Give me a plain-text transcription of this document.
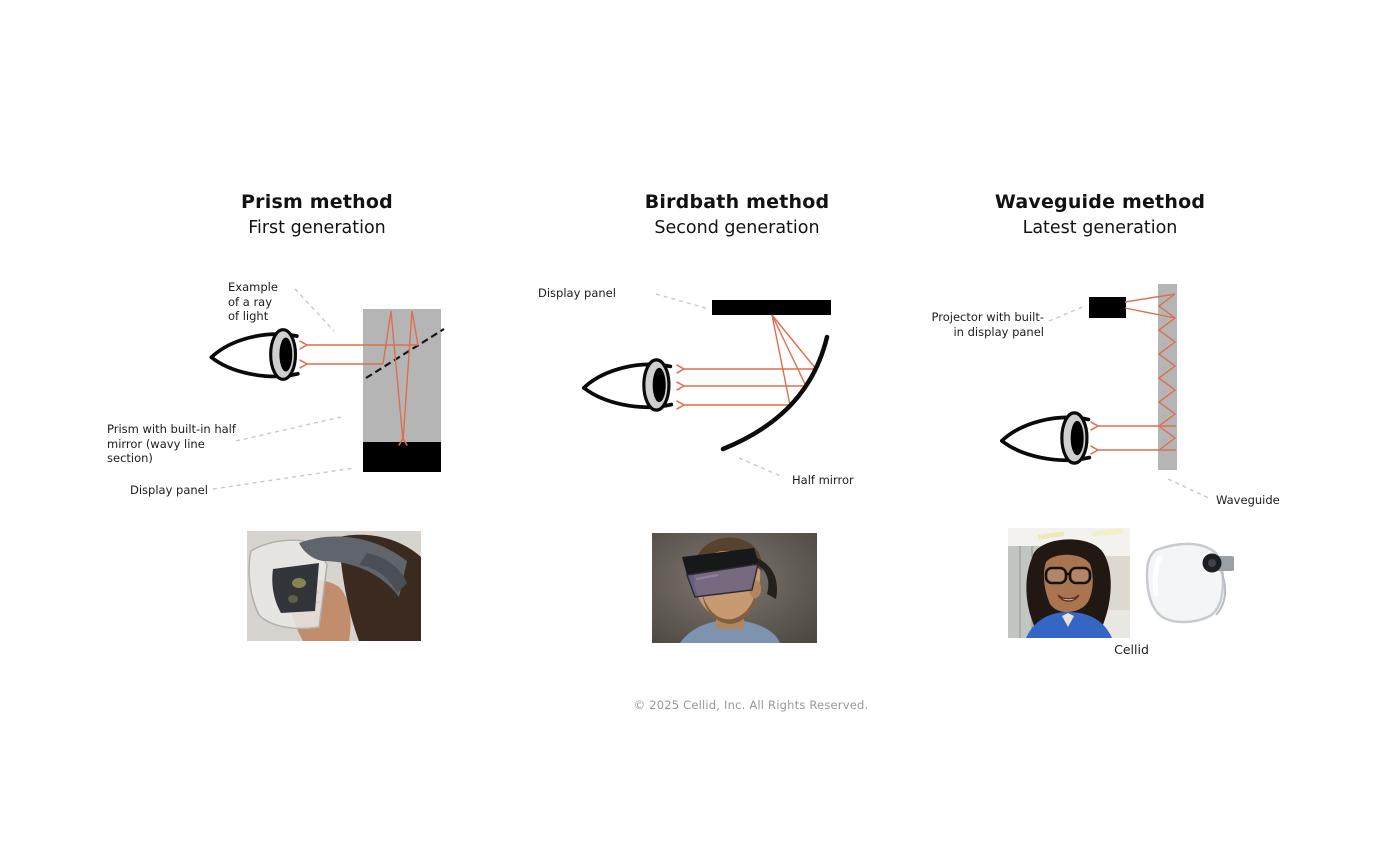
Prism method
First generation
Birdbath method
Second generation
Waveguide method
Latest generation
Example
of a ray
of light
Prism with built-in half
mirror (wavy line
section)
Display panel
Display panel
Half mirror
Projector with built-
in display panel
Waveguide
Cellid
© 2025 Cellid, Inc. All Rights Reserved.
